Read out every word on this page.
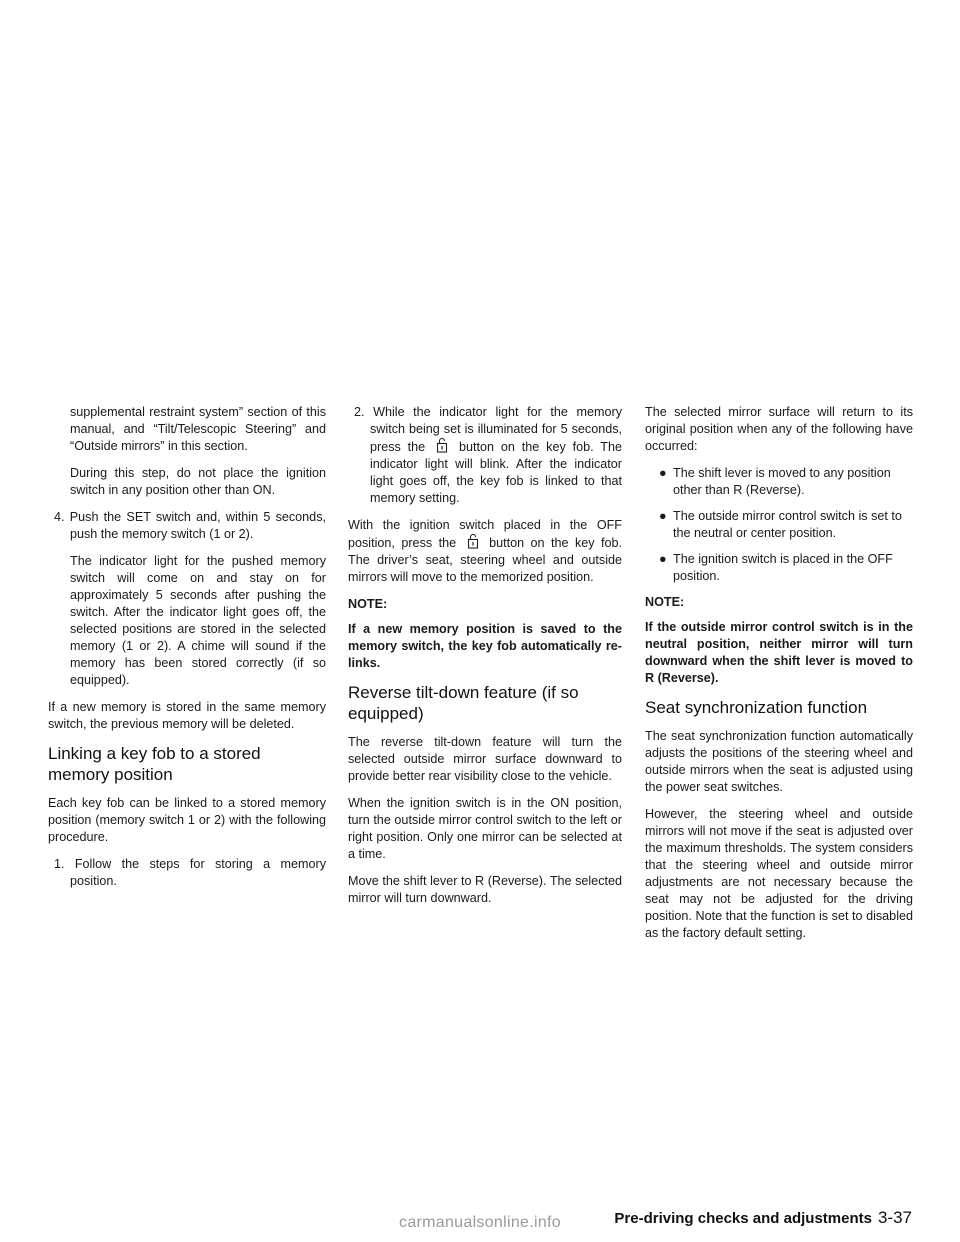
supplemental restraint system” section of this manual, and “Tilt/Telescopic Steering” and “Outside mirrors” in this section.

During this step, do not place the ignition switch in any position other than ON.

4. Push the SET switch and, within 5 seconds, push the memory switch (1 or 2).

The indicator light for the pushed memory switch will come on and stay on for approximately 5 seconds after pushing the switch. After the indicator light goes off, the selected positions are stored in the selected memory (1 or 2). A chime will sound if the memory has been stored correctly (if so equipped).

If a new memory is stored in the same memory switch, the previous memory will be deleted.

Linking a key fob to a stored memory position

Each key fob can be linked to a stored memory position (memory switch 1 or 2) with the following procedure.

1. Follow the steps for storing a memory position.

2. While the indicator light for the memory switch being set is illuminated for 5 seconds, press the	button on the key fob. The indicator light will blink. After the indicator light goes off, the key fob is linked to that memory setting.

With the ignition switch placed in the OFF position, press the	button on the key fob. The driver’s seat, steering wheel and outside mirrors will move to the memorized position.

NOTE:

If a new memory position is saved to the memory switch, the key fob automatically re-links.

Reverse tilt-down feature (if so equipped)

The reverse tilt-down feature will turn the selected outside mirror surface downward to provide better rear visibility close to the vehicle.

When the ignition switch is in the ON position, turn the outside mirror control switch to the left or right position. Only one mirror can be selected at a time.

Move the shift lever to R (Reverse). The selected mirror will turn downward.

The selected mirror surface will return to its original position when any of the following have occurred:

● The shift lever is moved to any position other than R (Reverse).
● The outside mirror control switch is set to the neutral or center position.
● The ignition switch is placed in the OFF position.
NOTE:

If the outside mirror control switch is in the neutral position, neither mirror will turn downward when the shift lever is moved to R (Reverse).

Seat synchronization function

The seat synchronization function automatically adjusts the positions of the steering wheel and outside mirrors when the seat is adjusted using the power seat switches.

However, the steering wheel and outside mirrors will not move if the seat is adjusted over the maximum thresholds. The system considers that the steering wheel and outside mirror adjustments are not necessary because the seat may not be adjusted for the driving position. Note that the function is set to disabled as the factory default setting.

Pre-driving checks and adjustments 3-37
carmanualsonline.info
